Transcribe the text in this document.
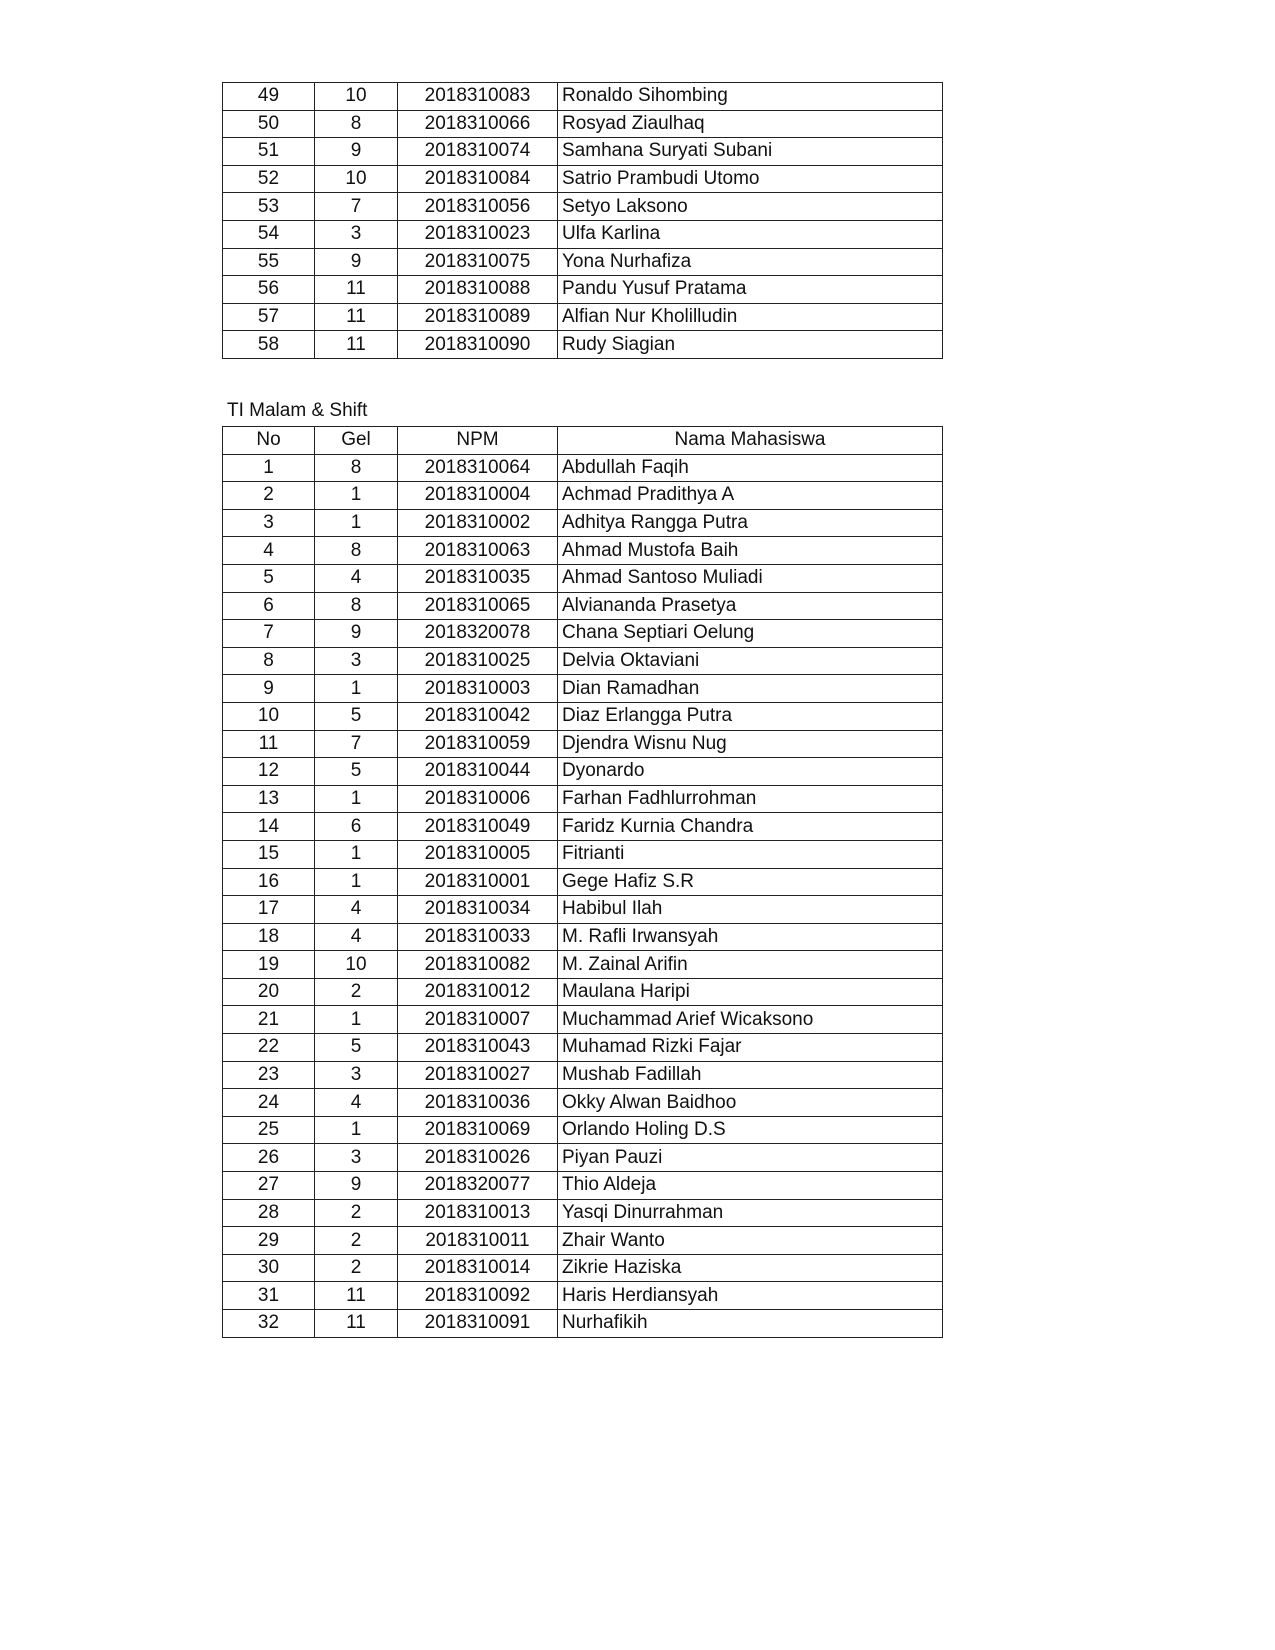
49	10	2018310083	Ronaldo Sihombing
50	8	2018310066	Rosyad Ziaulhaq
51	9	2018310074	Samhana Suryati Subani
52	10	2018310084	Satrio Prambudi Utomo
53	7	2018310056	Setyo Laksono
54	3	2018310023	Ulfa Karlina
55	9	2018310075	Yona Nurhafiza
56	11	2018310088	Pandu Yusuf Pratama
57	11	2018310089	Alfian Nur Kholilludin
58	11	2018310090	Rudy Siagian
TI Malam & Shift
No	Gel	NPM	Nama Mahasiswa
1	8	2018310064	Abdullah Faqih
2	1	2018310004	Achmad Pradithya A
3	1	2018310002	Adhitya Rangga Putra
4	8	2018310063	Ahmad Mustofa Baih
5	4	2018310035	Ahmad Santoso Muliadi
6	8	2018310065	Alviananda Prasetya
7	9	2018320078	Chana Septiari Oelung
8	3	2018310025	Delvia Oktaviani
9	1	2018310003	Dian Ramadhan
10	5	2018310042	Diaz Erlangga Putra
11	7	2018310059	Djendra Wisnu Nug
12	5	2018310044	Dyonardo
13	1	2018310006	Farhan Fadhlurrohman
14	6	2018310049	Faridz Kurnia Chandra
15	1	2018310005	Fitrianti
16	1	2018310001	Gege Hafiz S.R
17	4	2018310034	Habibul Ilah
18	4	2018310033	M. Rafli Irwansyah
19	10	2018310082	M. Zainal Arifin
20	2	2018310012	Maulana Haripi
21	1	2018310007	Muchammad Arief Wicaksono
22	5	2018310043	Muhamad Rizki Fajar
23	3	2018310027	Mushab Fadillah
24	4	2018310036	Okky Alwan Baidhoo
25	1	2018310069	Orlando Holing D.S
26	3	2018310026	Piyan Pauzi
27	9	2018320077	Thio Aldeja
28	2	2018310013	Yasqi Dinurrahman
29	2	2018310011	Zhair Wanto
30	2	2018310014	Zikrie Haziska
31	11	2018310092	Haris Herdiansyah
32	11	2018310091	Nurhafikih
